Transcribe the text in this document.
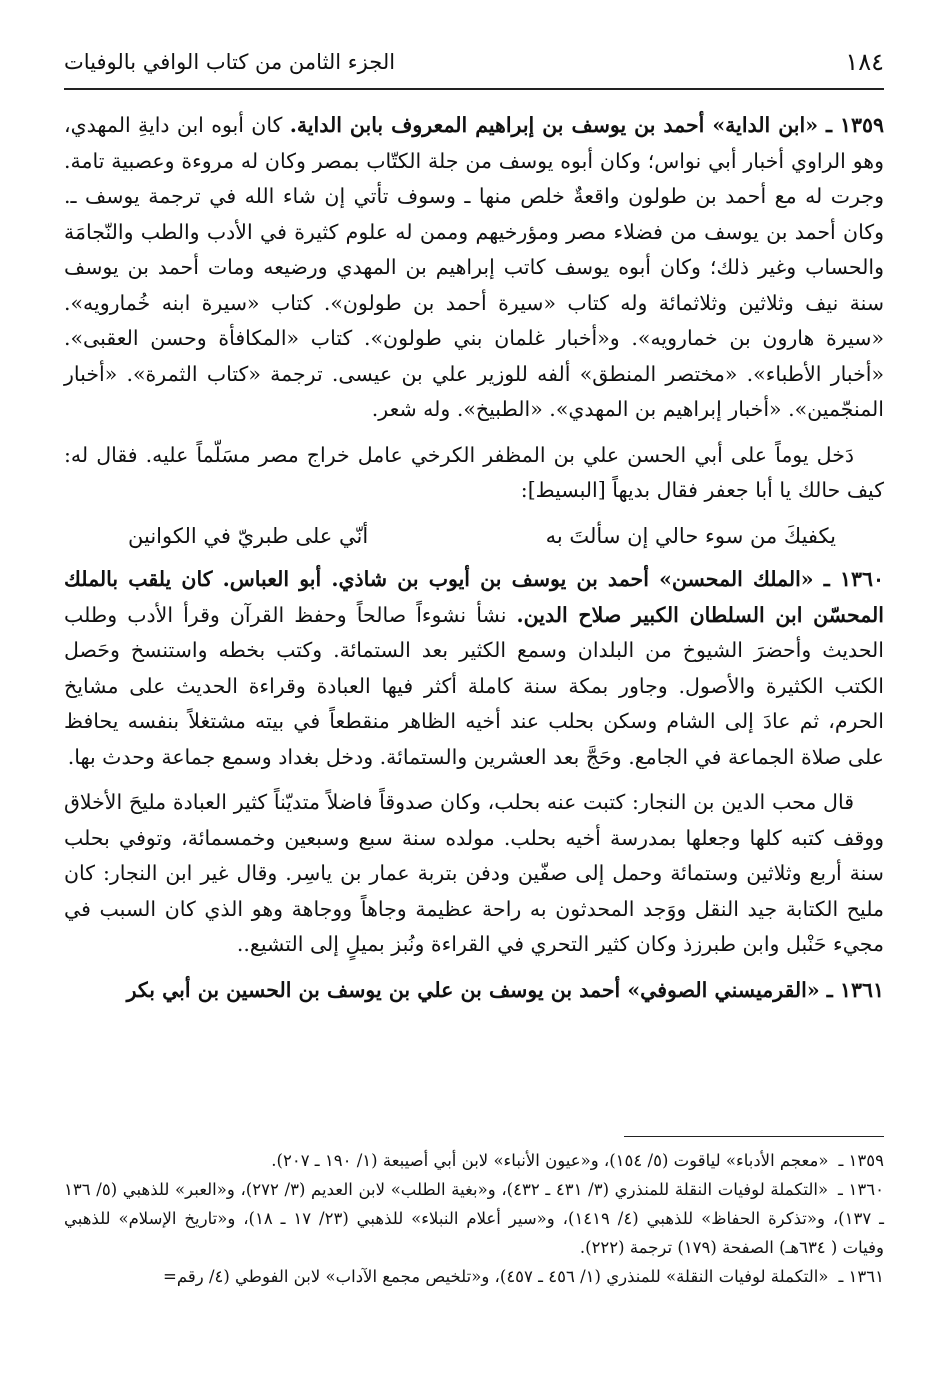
١٨٤
الجزء الثامن من كتاب الوافي بالوفيات

١٣٥٩ ـ «ابن الداية» أحمد بن يوسف بن إبراهيم المعروف بابن الداية. كان أبوه ابن دايةِ المهدي، وهو الراوي أخبار أبي نواس؛ وكان أبوه يوسف من جلة الكتّاب بمصر وكان له مروءة وعصبية تامة. وجرت له مع أحمد بن طولون واقعةٌ خلص منها ـ وسوف تأتي إن شاء الله في ترجمة يوسف ـ. وكان أحمد بن يوسف من فضلاء مصر ومؤرخيهم وممن له علوم كثيرة في الأدب والطب والنّجامَة والحساب وغير ذلك؛ وكان أبوه يوسف كاتب إبراهيم بن المهدي ورضيعه ومات أحمد بن يوسف سنة نيف وثلاثين وثلاثمائة وله كتاب «سيرة أحمد بن طولون». كتاب «سيرة ابنه خُمارويه». «سيرة هارون بن خمارويه». و«أخبار غلمان بني طولون». كتاب «المكافأة وحسن العقبى». «أخبار الأطباء». «مختصر المنطق» ألفه للوزير علي بن عيسى. ترجمة «كتاب الثمرة». «أخبار المنجّمين». «أخبار إبراهيم بن المهدي». «الطبيخ». وله شعر.

دَخل يوماً على أبي الحسن علي بن المظفر الكرخي عامل خراج مصر مسَلّماً عليه. فقال له: كيف حالك يا أبا جعفر فقال بديهاً [البسيط]:

يكفيكَ من سوء حالي إن سألتَ به
أنّي على طبريّ في الكوانين

١٣٦٠ ـ «الملك المحسن» أحمد بن يوسف بن أيوب بن شاذي. أبو العباس. كان يلقب بالملك المحسّن ابن السلطان الكبير صلاح الدين. نشأ نشوءاً صالحاً وحفظ القرآن وقرأ الأدب وطلب الحديث وأحضرَ الشيوخ من البلدان وسمع الكثير بعد الستمائة. وكتب بخطه واستنسخ وحَصل الكتب الكثيرة والأصول. وجاور بمكة سنة كاملة أكثر فيها العبادة وقراءة الحديث على مشايخ الحرم، ثم عادَ إلى الشام وسكن بحلب عند أخيه الظاهر منقطعاً في بيته مشتغلاً بنفسه يحافظ على صلاة الجماعة في الجامع. وحَجَّ بعد العشرين والستمائة. ودخل بغداد وسمع جماعة وحدث بها.

قال محب الدين بن النجار: كتبت عنه بحلب، وكان صدوقاً فاضلاً متديّناً كثير العبادة مليحَ الأخلاق ووقف كتبه كلها وجعلها بمدرسة أخيه بحلب. مولده سنة سبع وسبعين وخمسمائة، وتوفي بحلب سنة أربع وثلاثين وستمائة وحمل إلى صفّين ودفن بتربة عمار بن ياسِر. وقال غير ابن النجار: كان مليح الكتابة جيد النقل ووَجد المحدثون به راحة عظيمة وجاهاً ووجاهة وهو الذي كان السبب في مجيء حَنْبل وابن طبرزذ وكان كثير التحري في القراءة ونُبز بميلٍ إلى التشيع..

١٣٦١ ـ «القرميسني الصوفي» أحمد بن يوسف بن علي بن يوسف بن الحسين بن أبي بكر

١٣٥٩ ـ«معجم الأدباء» لياقوت (٥/ ١٥٤)، و«عيون الأنباء» لابن أبي أصيبعة (١/ ١٩٠ ـ ٢٠٧).

١٣٦٠ ـ«التكملة لوفيات النقلة للمنذري (٣/ ٤٣١ ـ ٤٣٢)، و«بغية الطلب» لابن العديم (٣/ ٢٧٢)، و«العبر» للذهبي (٥/ ١٣٦ ـ ١٣٧)، و«تذكرة الحفاظ» للذهبي (٤/ ١٤١٩)، و«سير أعلام النبلاء» للذهبي (٢٣/ ١٧ ـ ١٨)، و«تاريخ الإسلام» للذهبي وفيات ( ٦٣٤هـ) الصفحة (١٧٩) ترجمة (٢٢٢).

١٣٦١ ـ«التكملة لوفيات النقلة» للمنذري (١/ ٤٥٦ ـ ٤٥٧)، و«تلخيص مجمع الآداب» لابن الفوطي (٤/ رقم=
